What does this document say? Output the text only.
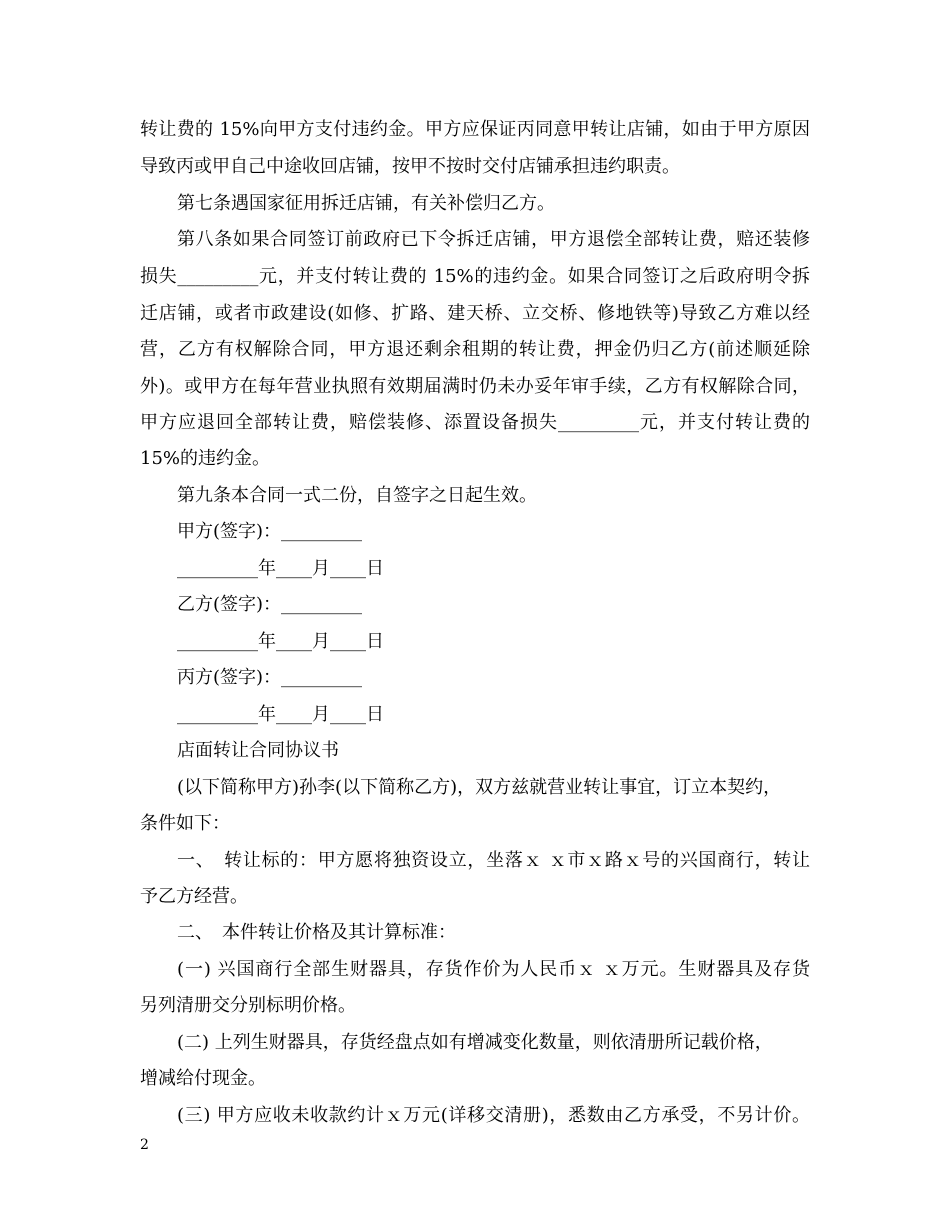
转让费的 15%向甲方支付违约金。甲方应保证丙同意甲转让店铺，如由于甲方原因
导致丙或甲自己中途收回店铺，按甲不按时交付店铺承担违约职责。
第七条遇国家征用拆迁店铺，有关补偿归乙方。
第八条如果合同签订前政府已下令拆迁店铺，甲方退偿全部转让费，赔还装修
损失_________元，并支付转让费的 15%的违约金。如果合同签订之后政府明令拆
迁店铺，或者市政建设(如修、扩路、建天桥、立交桥、修地铁等)导致乙方难以经
营，乙方有权解除合同，甲方退还剩余租期的转让费，押金仍归乙方(前述顺延除
外)。或甲方在每年营业执照有效期届满时仍未办妥年审手续，乙方有权解除合同，
甲方应退回全部转让费，赔偿装修、添置设备损失_________元，并支付转让费的
15%的违约金。
第九条本合同一式二份，自签字之日起生效。
甲方(签字)：_________
_________年____月____日
乙方(签字)：_________
_________年____月____日
丙方(签字)：_________
_________年____月____日
店面转让合同协议书
(以下简称甲方)孙李(以下简称乙方)，双方兹就营业转让事宜，订立本契约，
条件如下：
一、　转让标的：甲方愿将独资设立，坐落ｘ ｘ市ｘ路ｘ号的兴国商行，转让
予乙方经营。
二、　本件转让价格及其计算标准：
(一) 兴国商行全部生财器具，存货作价为人民币ｘ ｘ万元。生财器具及存货
另列清册交分别标明价格。
(二) 上列生财器具，存货经盘点如有增减变化数量，则依清册所记载价格，
增减给付现金。
(三) 甲方应收未收款约计ｘ万元(详移交清册)，悉数由乙方承受，不另计价。
2
